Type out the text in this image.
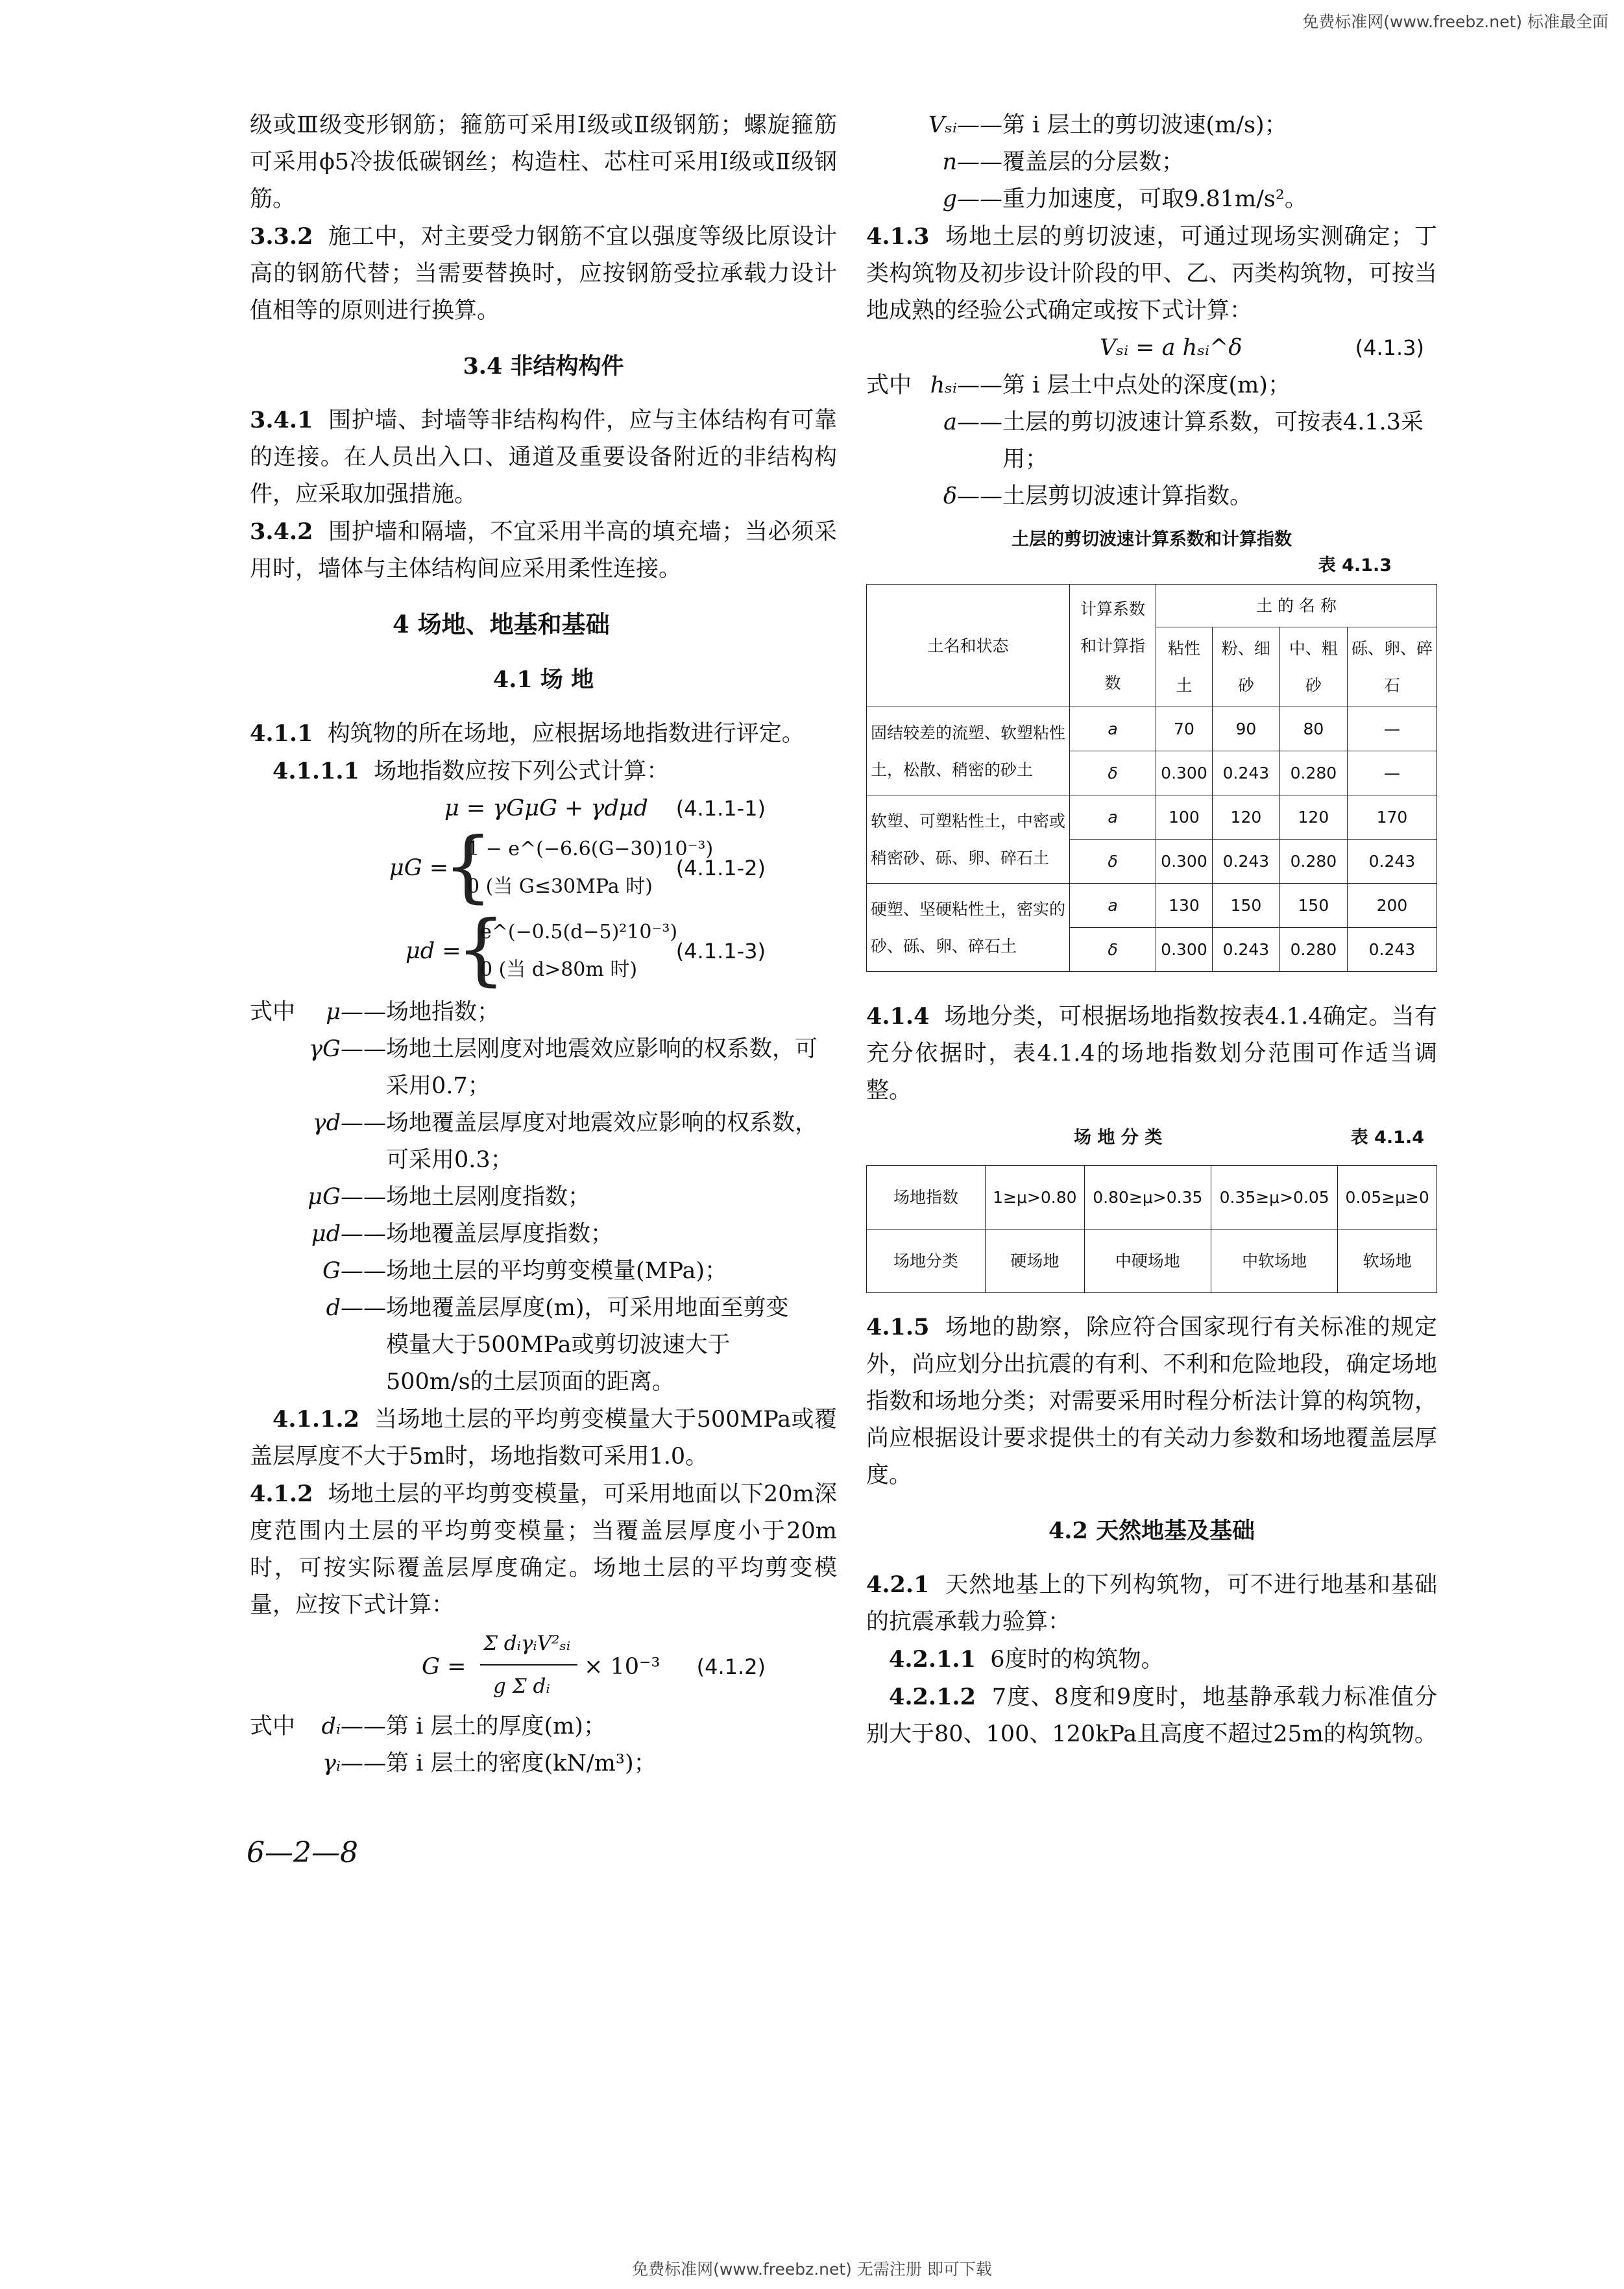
免费标准网(www.freebz.net) 标准最全面

级或Ⅲ级变形钢筋；箍筋可采用Ⅰ级或Ⅱ级钢筋；螺旋箍筋可采用ϕ5冷拔低碳钢丝；构造柱、芯柱可采用Ⅰ级或Ⅱ级钢筋。

3.3.2 施工中，对主要受力钢筋不宜以强度等级比原设计高的钢筋代替；当需要替换时，应按钢筋受拉承载力设计值相等的原则进行换算。

3.4 非结构构件

3.4.1 围护墙、封墙等非结构构件，应与主体结构有可靠的连接。在人员出入口、通道及重要设备附近的非结构构件，应采取加强措施。

3.4.2 围护墙和隔墙，不宜采用半高的填充墙；当必须采用时，墙体与主体结构间应采用柔性连接。

4 场地、地基和基础
4.1 场 地

4.1.1 构筑物的所在场地，应根据场地指数进行评定。

4.1.1.1 场地指数应按下列公式计算：

μ = γGμG + γdμd (4.1.1-1)
μG =
{
1 − e^(−6.6(G−30)10⁻³)
0 (当 G≤30MPa 时)
(4.1.1-2)
μd =
{
e^(−0.5(d−5)²10⁻³)
0 (当 d>80m 时)
(4.1.1-3)
式中	μ—— 场地指数；
γG—— 场地土层刚度对地震效应影响的权系数，可采用0.7；
γd—— 场地覆盖层厚度对地震效应影响的权系数，可采用0.3；
μG—— 场地土层刚度指数；
μd—— 场地覆盖层厚度指数；
G—— 场地土层的平均剪变模量(MPa)；
d—— 场地覆盖层厚度(m)，可采用地面至剪变模量大于500MPa或剪切波速大于500m/s的土层顶面的距离。

4.1.1.2 当场地土层的平均剪变模量大于500MPa或覆盖层厚度不大于5m时，场地指数可采用1.0。

4.1.2 场地土层的平均剪变模量，可采用地面以下20m深度范围内土层的平均剪变模量；当覆盖层厚度小于20m时，可按实际覆盖层厚度确定。场地土层的平均剪变模量，应按下式计算：

G =
Σ dᵢγᵢV²ₛᵢ
g Σ dᵢ
× 10⁻³ (4.1.2)
式中	dᵢ—— 第 i 层土的厚度(m)；
γᵢ—— 第 i 层土的密度(kN/m³)；
6—2—8
Vₛᵢ—— 第 i 层土的剪切波速(m/s)；
n—— 覆盖层的分层数；
g—— 重力加速度，可取9.81m/s²。

4.1.3 场地土层的剪切波速，可通过现场实测确定；丁类构筑物及初步设计阶段的甲、乙、丙类构筑物，可按当地成熟的经验公式确定或按下式计算：

Vₛᵢ = a hₛᵢ^δ	(4.1.3)
式中 hₛᵢ—— 第 i 层土中点处的深度(m)；
a—— 土层的剪切波速计算系数，可按表4.1.3采用；
δ—— 土层剪切波速计算指数。
土层的剪切波速计算系数和计算指数
表 4.1.3
土名和状态	计算系数和计算指数	土 的 名 称			
		粘性土	粉、细砂	中、粗砂	砾、卵、碎石
固结较差的流塑、软塑粘性土，松散、稍密的砂土	a	70	90	80	—
	δ	0.300	0.243	0.280	—
软塑、可塑粘性土，中密或稍密砂、砾、卵、碎石土	a	100	120	120	170
	δ	0.300	0.243	0.280	0.243
硬塑、坚硬粘性土，密实的砂、砾、卵、碎石土	a	130	150	150	200
	δ	0.300	0.243	0.280	0.243

4.1.4 场地分类，可根据场地指数按表4.1.4确定。当有充分依据时，表4.1.4的场地指数划分范围可作适当调整。

场 地 分 类	表 4.1.4
场地指数	1≥μ>0.80	0.80≥μ>0.35	0.35≥μ>0.05	0.05≥μ≥0
场地分类	硬场地	中硬场地	中软场地	软场地

4.1.5 场地的勘察，除应符合国家现行有关标准的规定外，尚应划分出抗震的有利、不利和危险地段，确定场地指数和场地分类；对需要采用时程分析法计算的构筑物，尚应根据设计要求提供土的有关动力参数和场地覆盖层厚度。

4.2 天然地基及基础

4.2.1 天然地基上的下列构筑物，可不进行地基和基础的抗震承载力验算：

4.2.1.1 6度时的构筑物。

4.2.1.2 7度、8度和9度时，地基静承载力标准值分别大于80、100、120kPa且高度不超过25m的构筑物。

免费标准网(www.freebz.net) 无需注册 即可下载
